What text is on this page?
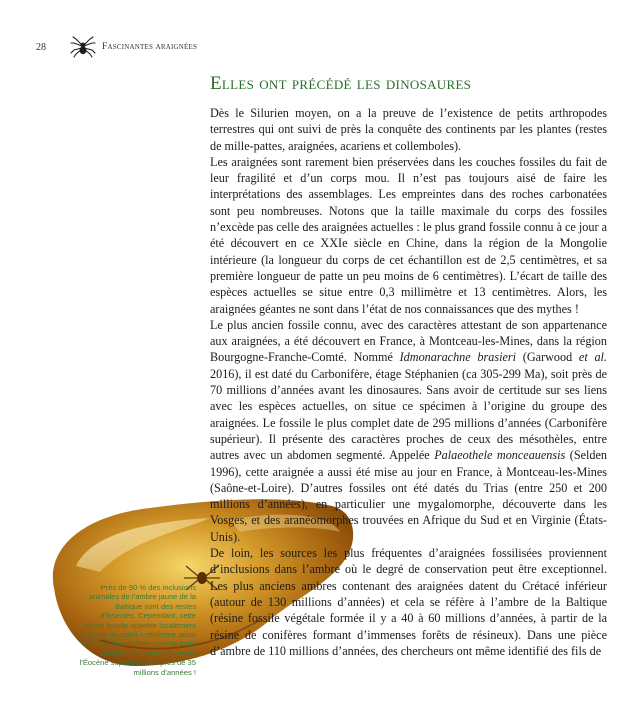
28	Fascinantes araignées
Elles ont précédé les dinosaures

Dès le Silurien moyen, on a la preuve de l’existence de petits arthropodes terrestres qui ont suivi de près la conquête des continents par les plantes (restes de mille-pattes, araignées, acariens et collemboles).

Les araignées sont rarement bien préservées dans les couches fossiles du fait de leur fragilité et d’un corps mou. Il n’est pas toujours aisé de faire les interprétations des assemblages. Les empreintes dans des roches carbonatées sont peu nombreuses. Notons que la taille maximale du corps des fossiles n’excède pas celle des araignées actuelles : le plus grand fossile connu à ce jour a été découvert en ce XXIe siècle en Chine, dans la région de la Mongolie intérieure (la longueur du corps de cet échantillon est de 2,5 centimètres, et sa première longueur de patte un peu moins de 6 centimètres). L’écart de taille des espèces actuelles se situe entre 0,3 millimètre et 13 centimètres. Alors, les araignées géantes ne sont dans l’état de nos connaissances que des mythes !

Le plus ancien fossile connu, avec des caractères attestant de son appartenance aux araignées, a été découvert en France, à Montceau-les-Mines, dans la région Bourgogne-Franche-Comté. Nommé Idmonarachne brasieri (Garwood et al. 2016), il est daté du Carbonifère, étage Stéphanien (ca 305-299 Ma), soit près de 70 millions d’années avant les dinosaures. Sans avoir de certitude sur ses liens avec les espèces actuelles, on situe ce spécimen à l’origine du groupe des araignées. Le fossile le plus complet date de 295 millions d’années (Carbonifère supérieur). Il présente des caractères proches de ceux des mésothèles, entre autres avec un abdomen segmenté. Appelée Palaeothele monceauensis (Selden 1996), cette araignée a aussi été mise au jour en France, à Montceau-les-Mines (Saône-et-Loire). D’autres fossiles ont été datés du Trias (entre 250 et 200 millions d’années), en particulier une mygalomorphe, découverte dans les Vosges, et des aranéomorphes trouvées en Afrique du Sud et en Virginie (États-Unis).

De loin, les sources les plus fréquentes d’araignées fossilisées proviennent d’inclusions dans l’ambre où le degré de conservation peut être exceptionnel. Les plus anciens ambres contenant des araignées datent du Crétacé inférieur (autour de 130 millions d’années) et cela se réfère à l’ambre de la Baltique (résine fossile végétale formée il y a 40 à 60 millions d’années, à partir de la résine de conifères formant d’immenses forêts de résineux). Dans une pièce d’ambre de 110 millions d’années, des chercheurs ont même identifié des fils de

Près de 90 % des inclusions animales de l’ambre jaune de la Baltique sont des restes d’insectes. Cependant, cette résine fossile appelée localement « pierre du soleil » renferme aussi d’autres organismes comme cette araignée de 2 mm datant de l’Éocène supérieur, soit près de 35 millions d’années !
